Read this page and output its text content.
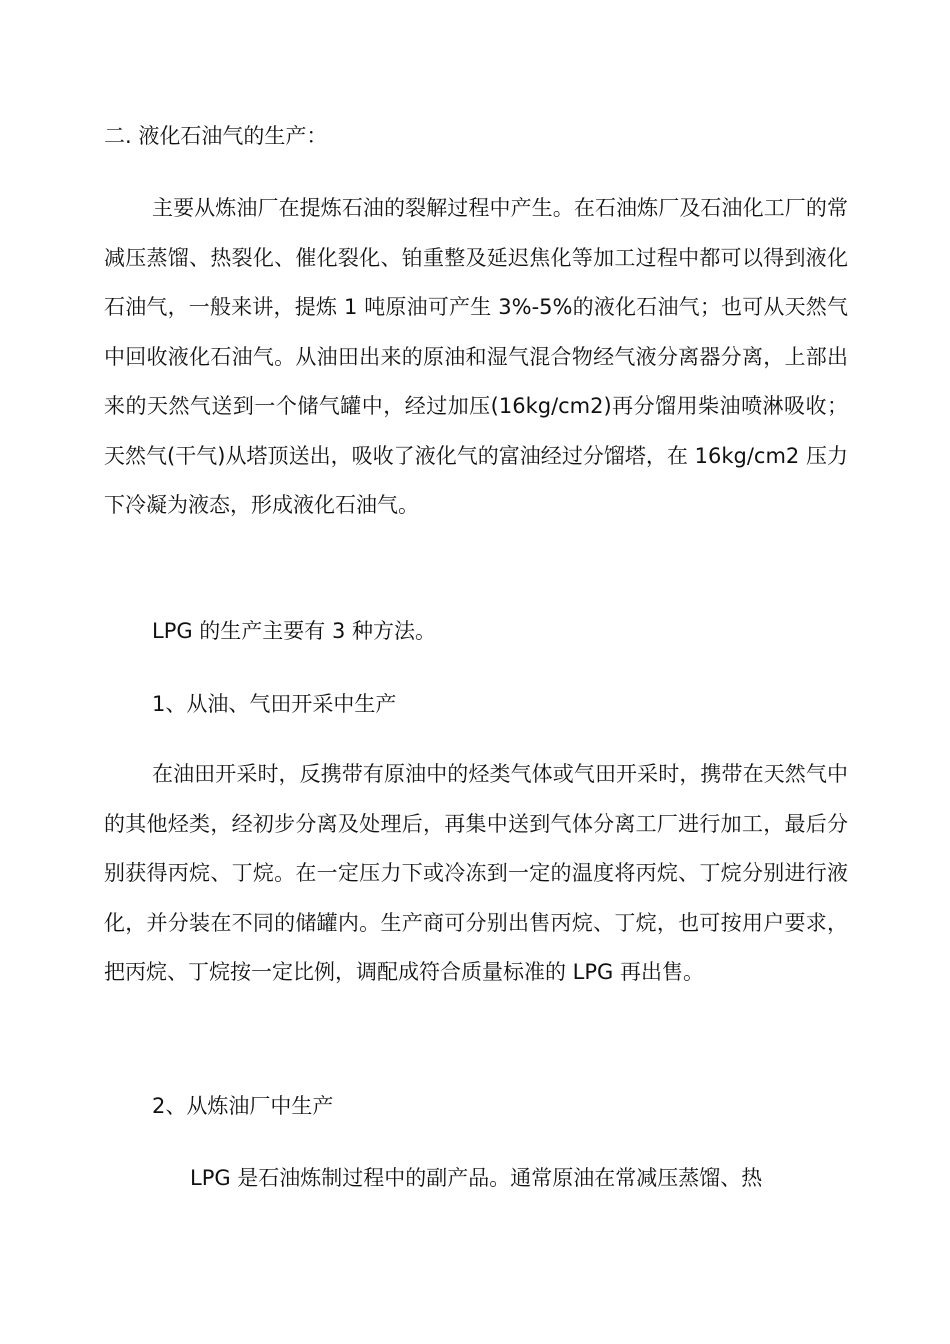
二. 液化石油气的生产：
主要从炼油厂在提炼石油的裂解过程中产生。在石油炼厂及石油化工厂的常减压蒸馏、热裂化、催化裂化、铂重整及延迟焦化等加工过程中都可以得到液化石油气，一般来讲，提炼 1 吨原油可产生 3%-5%的液化石油气；也可从天然气中回收液化石油气。从油田出来的原油和湿气混合物经气液分离器分离，上部出来的天然气送到一个储气罐中，经过加压(16kg/cm2)再分馏用柴油喷淋吸收；天然气(干气)从塔顶送出，吸收了液化气的富油经过分馏塔，在 16kg/cm2 压力下冷凝为液态，形成液化石油气。
LPG 的生产主要有 3 种方法。
1、从油、气田开采中生产
在油田开采时，反携带有原油中的烃类气体或气田开采时，携带在天然气中的其他烃类，经初步分离及处理后，再集中送到气体分离工厂进行加工，最后分别获得丙烷、丁烷。在一定压力下或冷冻到一定的温度将丙烷、丁烷分别进行液化，并分装在不同的储罐内。生产商可分别出售丙烷、丁烷，也可按用户要求，把丙烷、丁烷按一定比例，调配成符合质量标准的 LPG 再出售。
2、从炼油厂中生产
LPG 是石油炼制过程中的副产品。通常原油在常减压蒸馏、热
